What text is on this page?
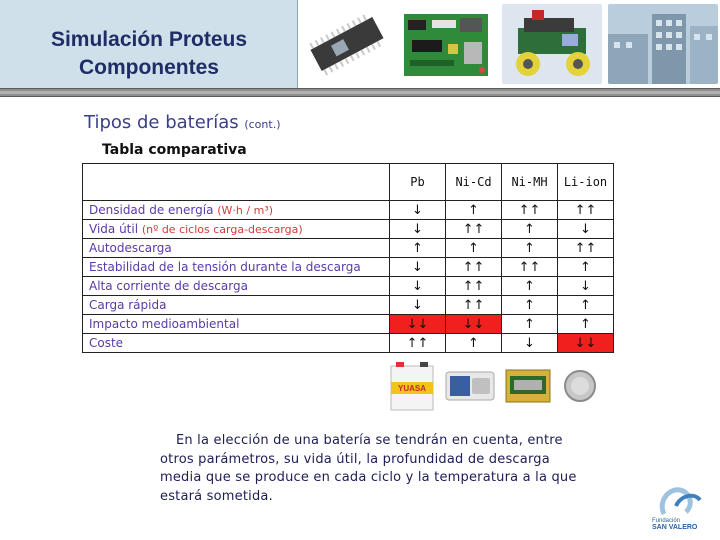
Simulación Proteus
Componentes
Tipos de baterías (cont.)
Tabla comparativa
	Pb	Ni-Cd	Ni-MH	Li-ion
Densidad de energía (W·h / m³)	↓	↑	↑↑	↑↑
Vida útil (nº de ciclos carga-descarga)	↓	↑↑	↑	↓
Autodescarga	↑	↑	↑	↑↑
Estabilidad de la tensión durante la descarga	↓	↑↑	↑↑	↑
Alta corriente de descarga	↓	↑↑	↑	↓
Carga rápida	↓	↑↑	↑	↑
Impacto medioambiental	↓↓	↓↓	↑	↑
Coste	↑↑	↑	↓	↓↓
YUASA
En la elección de una batería se tendrán en cuenta, entre
otros parámetros, su vida útil, la profundidad de descarga
media que se produce en cada ciclo y la temperatura a la que
estará sometida.
Fundación
SAN VALERO
